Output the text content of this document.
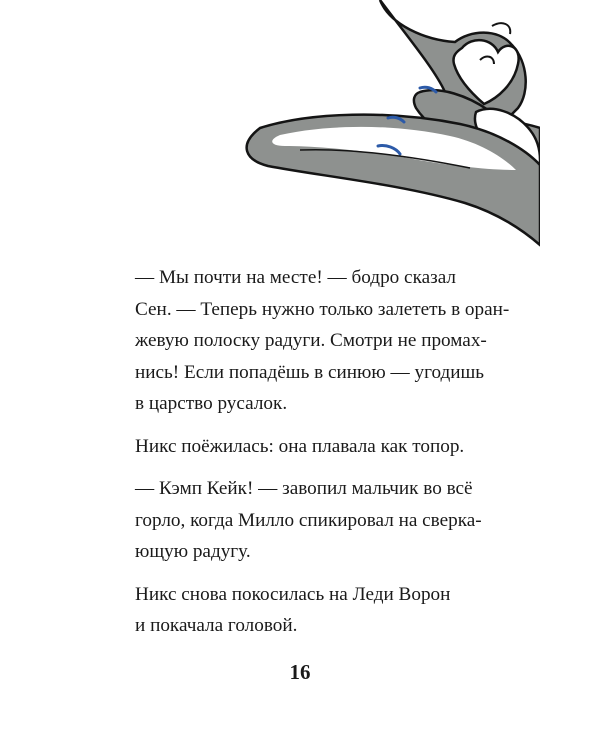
— Мы почти на месте! — бодро сказал
Сен. — Теперь нужно только залететь в оран-
жевую полоску радуги. Смотри не промах-
нись! Если попадёшь в синюю — угодишь
в царство русалок.
Никс поёжилась: она плавала как топор.
— Кэмп Кейк! — завопил мальчик во всё
горло, когда Милло спикировал на сверка-
ющую радугу.
Никс снова покосилась на Леди Ворон
и покачала головой.
16
